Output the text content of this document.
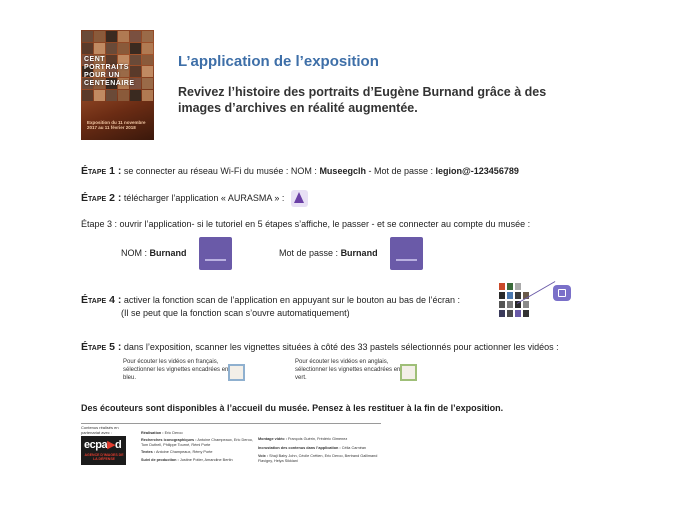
CENT PORTRAITS POUR UN CENTENAIRE
Exposition du 11 novembre 2017 au 11 février 2018
L’application de l’exposition
Revivez l’histoire des portraits d’Eugène Burnand grâce à des images d’archives en réalité augmentée.
Étape 1 : se connecter au réseau Wi-Fi du musée : NOM : Museegclh - Mot de passe : legion@-123456789
Étape 2 : télécharger l’application « AURASMA » :
Étape 3 : ouvrir l’application- si le tutoriel en 5 étapes s’affiche, le passer - et se connecter au compte du musée :
NOM : Burnand	Mot de passe : Burnand
Étape 4 : activer la fonction scan de l’application en appuyant sur le bouton au bas de l’écran :
(Il se peut que la fonction scan s’ouvre automatiquement)
Étape 5 : dans l’exposition, scanner les vignettes situées à côté des 33 pastels sélectionnés pour actionner les vidéos :
Pour écouter les vidéos en français, sélectionner les vignettes encadrées en bleu.
Pour écouter les vidéos en anglais, sélectionner les vignettes encadrées en vert.
Des écouteurs sont disponibles à l’accueil du musée. Pensez à les restituer à la fin de l’exposition.
Contenus réalisés en partenariat avec :
ecpa▶d
AGENCE D’IMAGES DE LA DÉFENSE
Réalisation : Eric Deroo
Recherches iconographiques : Antoine Champeaux, Eric Deroo, Tom Duthell, Philippe Tourné, Rémi Porte
Textes : Antoine Champeaux, Rémy Porte
Suivi de production : Justine Potier, Amandine Bertin
Montage vidéo : François Guérin, Frédéric Gimenez
Incrustation des contenus dans l’application : Célia Carnéan
Voix : Shaji Baby John, Cécile Crétien, Eric Deroo, Bertrand Gallimand Flavigny, Helya Sikkiani
